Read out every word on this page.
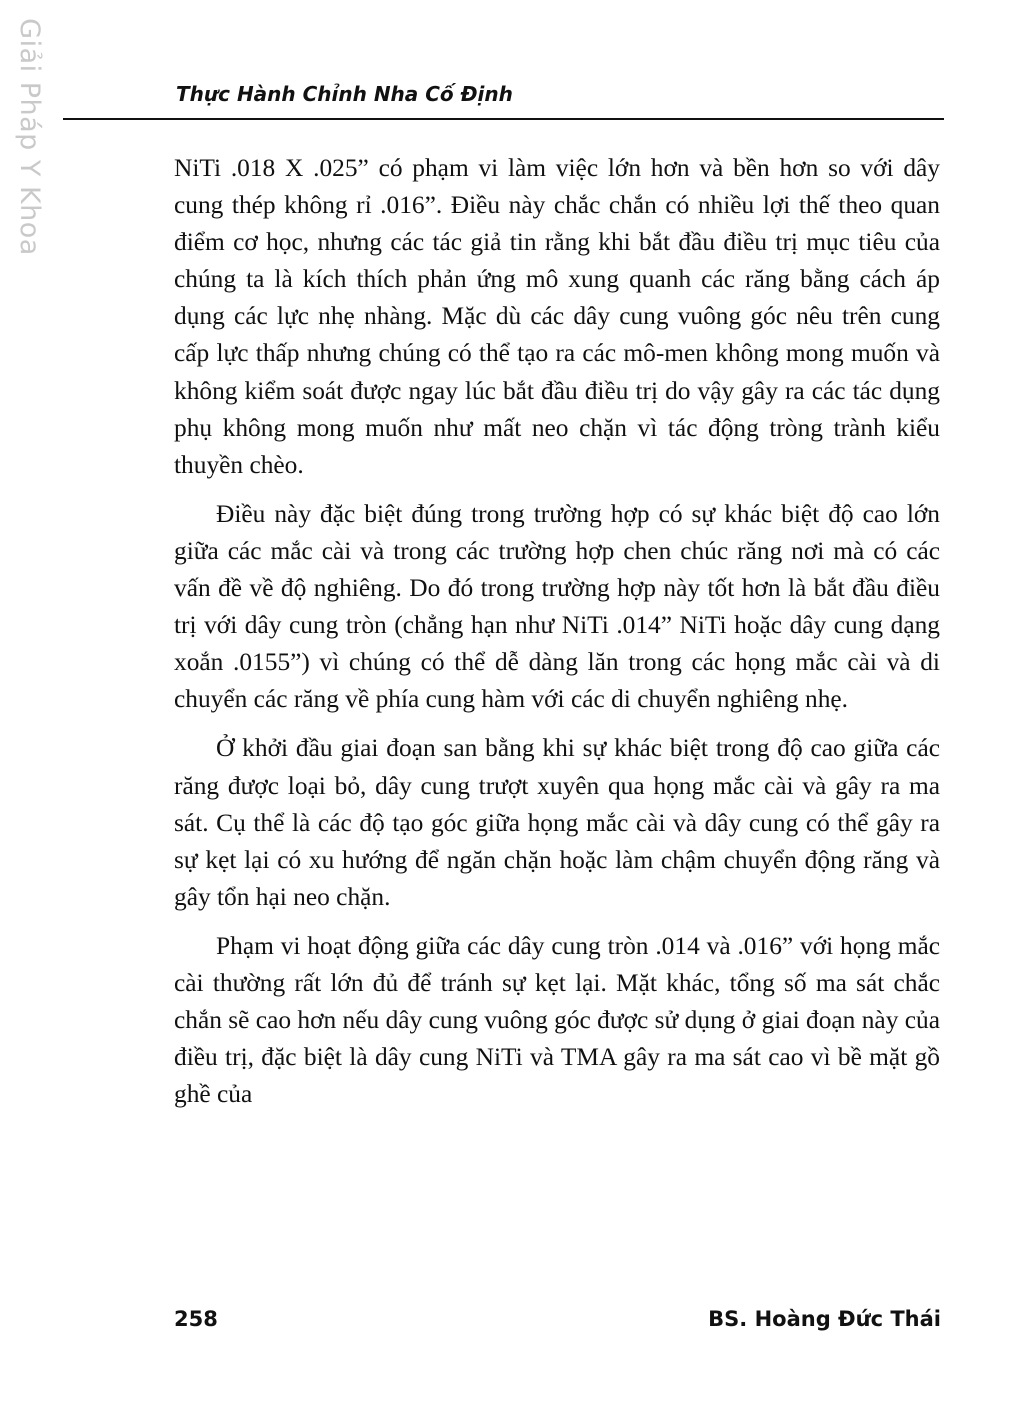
Giải Pháp Y Khoa	Thực Hành Chỉnh Nha Cố Định

NiTi .018 X .025” có phạm vi làm việc lớn hơn và bền hơn so với dây cung thép không rỉ .016”. Điều này chắc chắn có nhiều lợi thế theo quan điểm cơ học, nhưng các tác giả tin rằng khi bắt đầu điều trị mục tiêu của chúng ta là kích thích phản ứng mô xung quanh các răng bằng cách áp dụng các lực nhẹ nhàng. Mặc dù các dây cung vuông góc nêu trên cung cấp lực thấp nhưng chúng có thể tạo ra các mô-men không mong muốn và không kiểm soát được ngay lúc bắt đầu điều trị do vậy gây ra các tác dụng phụ không mong muốn như mất neo chặn vì tác động tròng trành kiểu thuyền chèo.

Điều này đặc biệt đúng trong trường hợp có sự khác biệt độ cao lớn giữa các mắc cài và trong các trường hợp chen chúc răng nơi mà có các vấn đề về độ nghiêng. Do đó trong trường hợp này tốt hơn là bắt đầu điều trị với dây cung tròn (chẳng hạn như NiTi .014” NiTi hoặc dây cung dạng xoắn .0155”) vì chúng có thể dễ dàng lăn trong các họng mắc cài và di chuyển các răng về phía cung hàm với các di chuyển nghiêng nhẹ.

Ở khởi đầu giai đoạn san bằng khi sự khác biệt trong độ cao giữa các răng được loại bỏ, dây cung trượt xuyên qua họng mắc cài và gây ra ma sát. Cụ thể là các độ tạo góc giữa họng mắc cài và dây cung có thể gây ra sự kẹt lại có xu hướng để ngăn chặn hoặc làm chậm chuyển động răng và gây tổn hại neo chặn.

Phạm vi hoạt động giữa các dây cung tròn .014 và .016” với họng mắc cài thường rất lớn đủ để tránh sự kẹt lại. Mặt khác, tổng số ma sát chắc chắn sẽ cao hơn nếu dây cung vuông góc được sử dụng ở giai đoạn này của điều trị, đặc biệt là dây cung NiTi và TMA gây ra ma sát cao vì bề mặt gồ ghề của

258	BS. Hoàng Đức Thái
